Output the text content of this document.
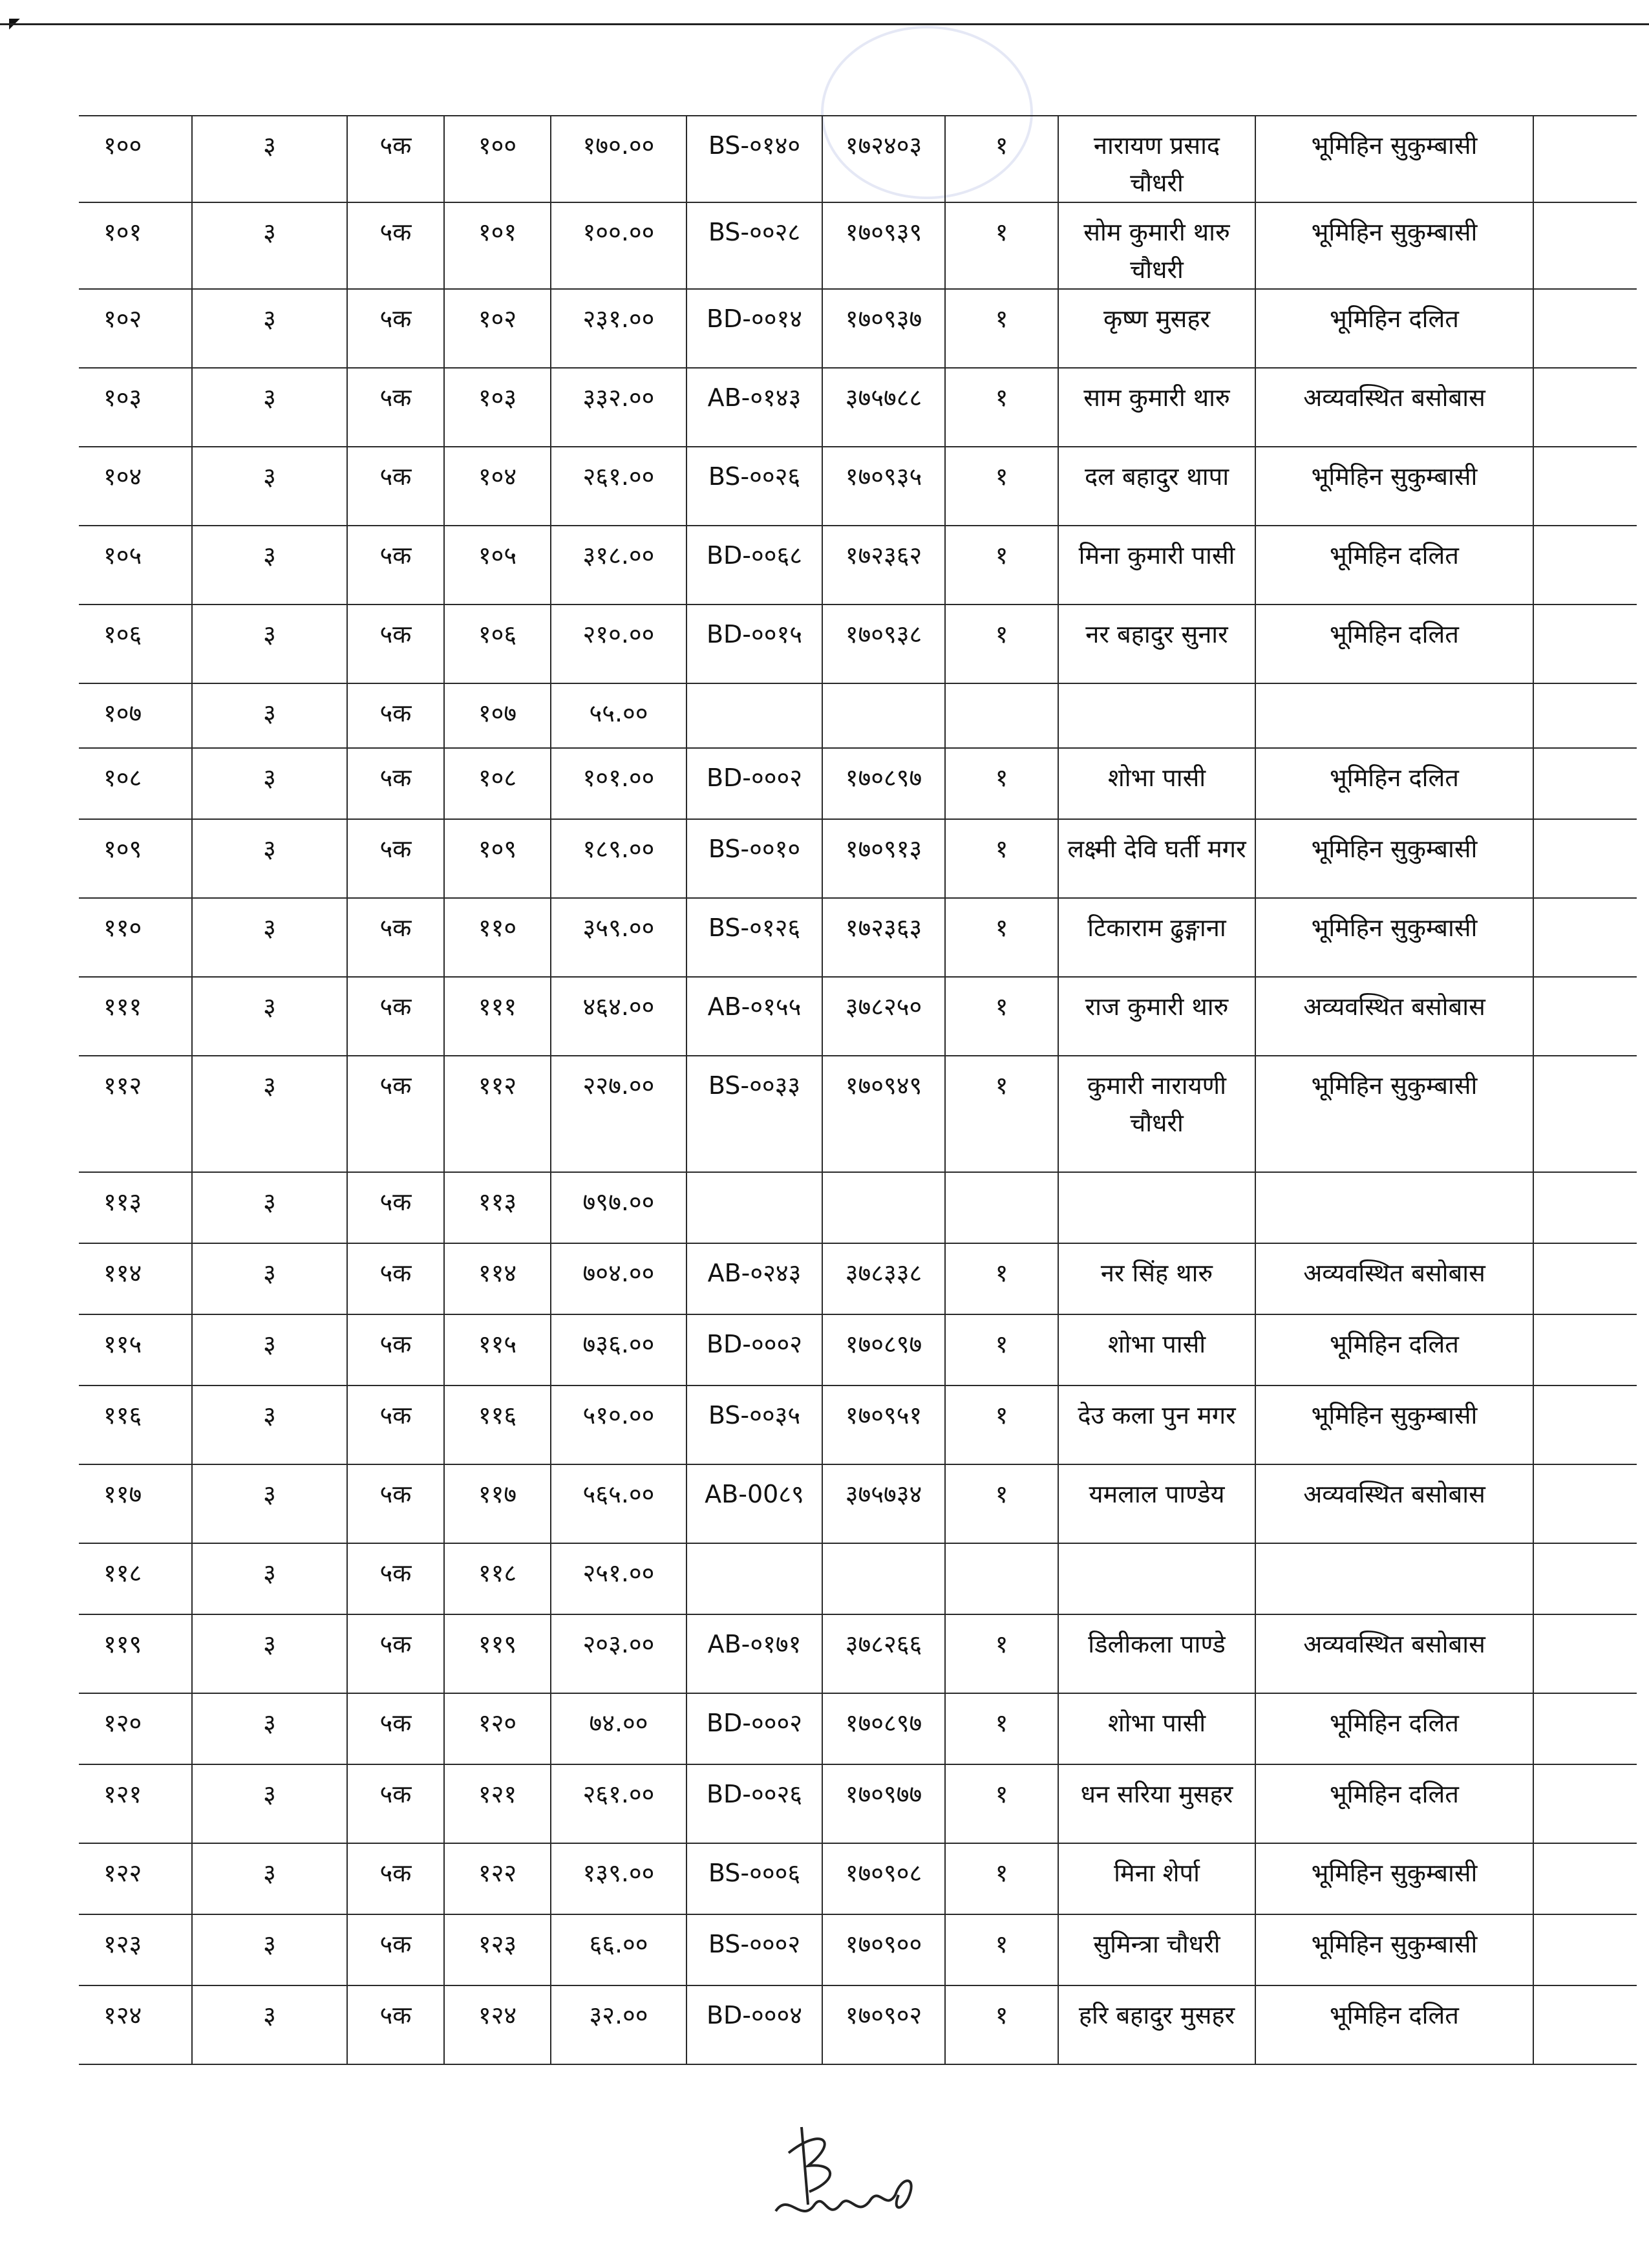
१००	३	५क	१००	१७०.००	BS-०१४०	१७२४०३	१	नारायण प्रसाद चौधरी	भूमिहिन सुकुम्बासी	
१०१	३	५क	१०१	१००.००	BS-००२८	१७०९३९	१	सोम कुमारी थारु चौधरी	भूमिहिन सुकुम्बासी	
१०२	३	५क	१०२	२३१.००	BD-००१४	१७०९३७	१	कृष्ण मुसहर	भूमिहिन दलित	
१०३	३	५क	१०३	३३२.००	AB-०१४३	३७५७८८	१	साम कुमारी थारु	अव्यवस्थित बसोबास	
१०४	३	५क	१०४	२६१.००	BS-००२६	१७०९३५	१	दल बहादुर थापा	भूमिहिन सुकुम्बासी	
१०५	३	५क	१०५	३१८.००	BD-००६८	१७२३६२	१	मिना कुमारी पासी	भूमिहिन दलित	
१०६	३	५क	१०६	२१०.००	BD-००१५	१७०९३८	१	नर बहादुर सुनार	भूमिहिन दलित	
१०७	३	५क	१०७	५५.००						
१०८	३	५क	१०८	१०१.००	BD-०००२	१७०८९७	१	शोभा पासी	भूमिहिन दलित	
१०९	३	५क	१०९	१८९.००	BS-००१०	१७०९१३	१	लक्ष्मी देवि घर्ती मगर	भूमिहिन सुकुम्बासी	
११०	३	५क	११०	३५९.००	BS-०१२६	१७२३६३	१	टिकाराम ढुङ्गाना	भूमिहिन सुकुम्बासी	
१११	३	५क	१११	४६४.००	AB-०१५५	३७८२५०	१	राज कुमारी थारु	अव्यवस्थित बसोबास	
११२	३	५क	११२	२२७.००	BS-००३३	१७०९४९	१	कुमारी नारायणी चौधरी	भूमिहिन सुकुम्बासी	
११३	३	५क	११३	७९७.००						
११४	३	५क	११४	७०४.००	AB-०२४३	३७८३३८	१	नर सिंह थारु	अव्यवस्थित बसोबास	
११५	३	५क	११५	७३६.००	BD-०००२	१७०८९७	१	शोभा पासी	भूमिहिन दलित	
११६	३	५क	११६	५१०.००	BS-००३५	१७०९५१	१	देउ कला पुन मगर	भूमिहिन सुकुम्बासी	
११७	३	५क	११७	५६५.००	AB-00८९	३७५७३४	१	यमलाल पाण्डेय	अव्यवस्थित बसोबास	
११८	३	५क	११८	२५१.००						
११९	३	५क	११९	२०३.००	AB-०१७१	३७८२६६	१	डिलीकला पाण्डे	अव्यवस्थित बसोबास	
१२०	३	५क	१२०	७४.००	BD-०००२	१७०८९७	१	शोभा पासी	भूमिहिन दलित	
१२१	३	५क	१२१	२६१.००	BD-००२६	१७०९७७	१	धन सरिया मुसहर	भूमिहिन दलित	
१२२	३	५क	१२२	१३९.००	BS-०००६	१७०९०८	१	मिना शेर्पा	भूमिहिन सुकुम्बासी	
१२३	३	५क	१२३	६६.००	BS-०००२	१७०९००	१	सुमिन्त्रा चौधरी	भूमिहिन सुकुम्बासी	
१२४	३	५क	१२४	३२.००	BD-०००४	१७०९०२	१	हरि बहादुर मुसहर	भूमिहिन दलित	
